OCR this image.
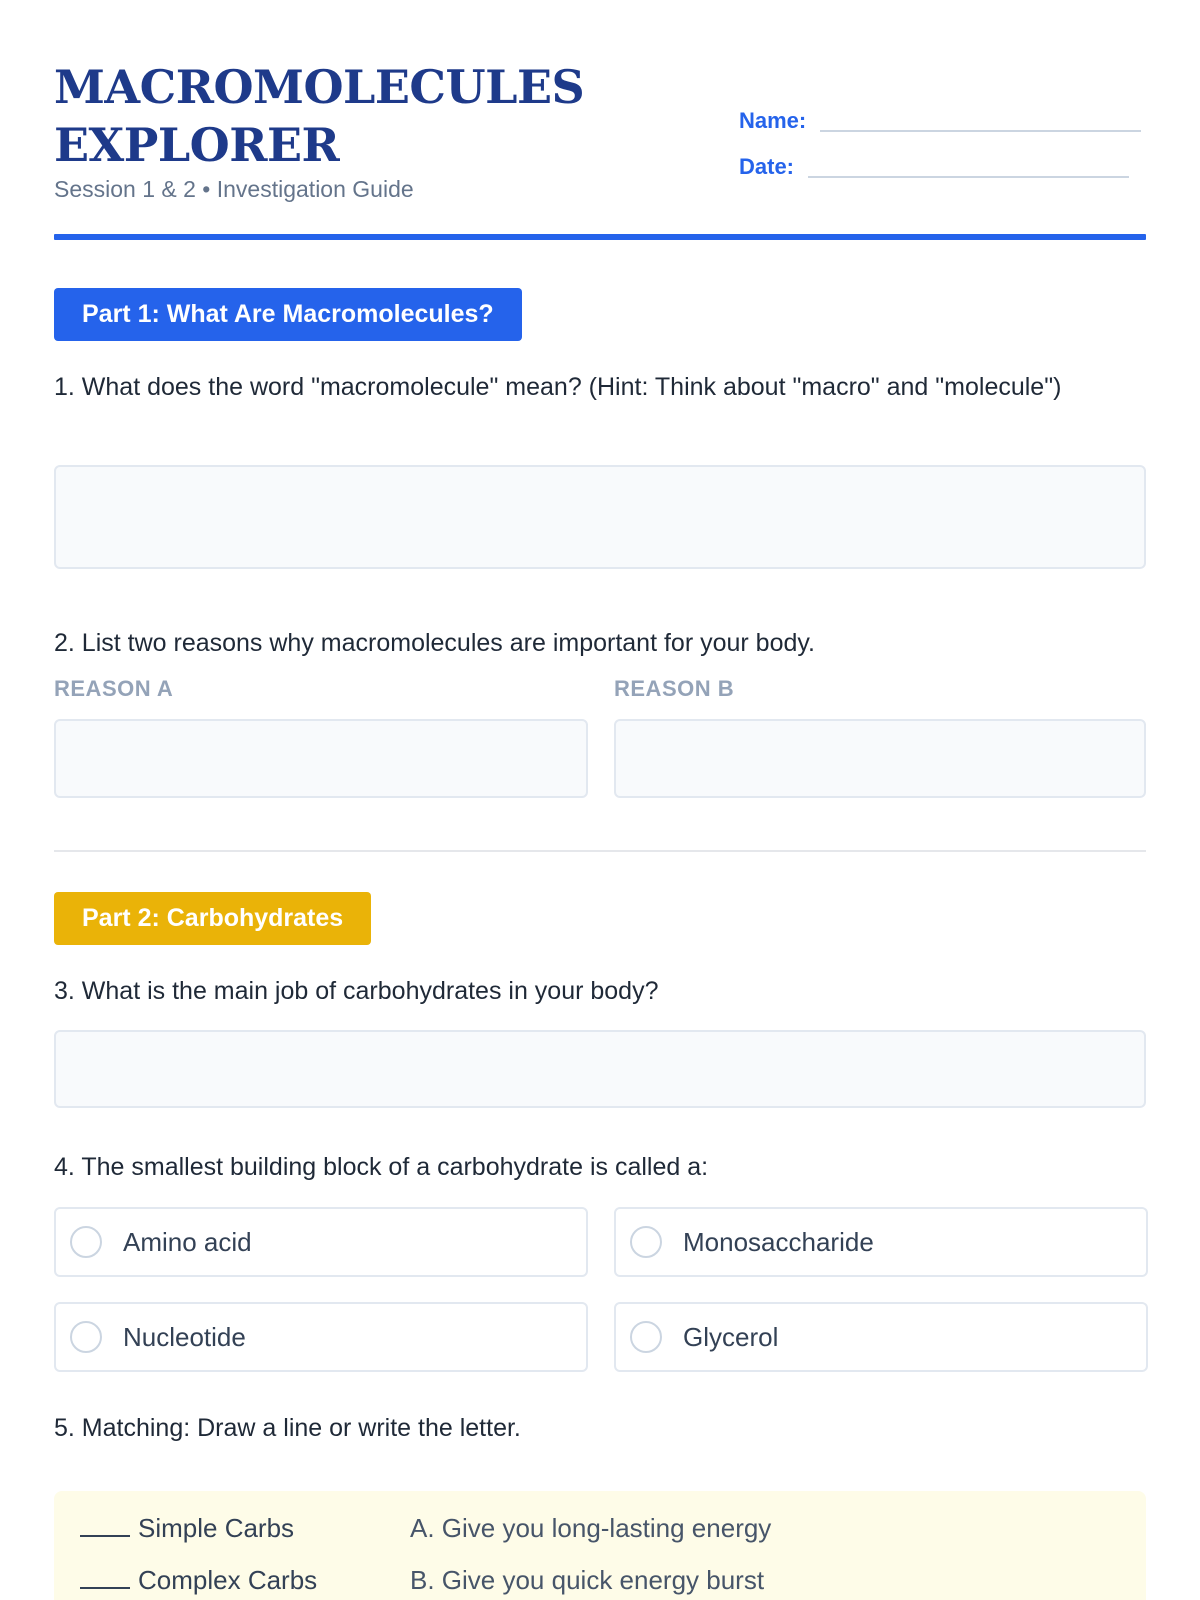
MACROMOLECULES
EXPLORER
Session 1 & 2 • Investigation Guide
Name:
Date:
Part 1: What Are Macromolecules?
1. What does the word "macromolecule" mean? (Hint: Think about "macro" and "molecule")
2. List two reasons why macromolecules are important for your body.
REASON A	REASON B
Part 2: Carbohydrates
3. What is the main job of carbohydrates in your body?
4. The smallest building block of a carbohydrate is called a:
Amino acid	Monosaccharide
Nucleotide	Glycerol
5. Matching: Draw a line or write the letter.
Simple Carbs	A. Give you long-lasting energy
Complex Carbs	B. Give you quick energy burst
